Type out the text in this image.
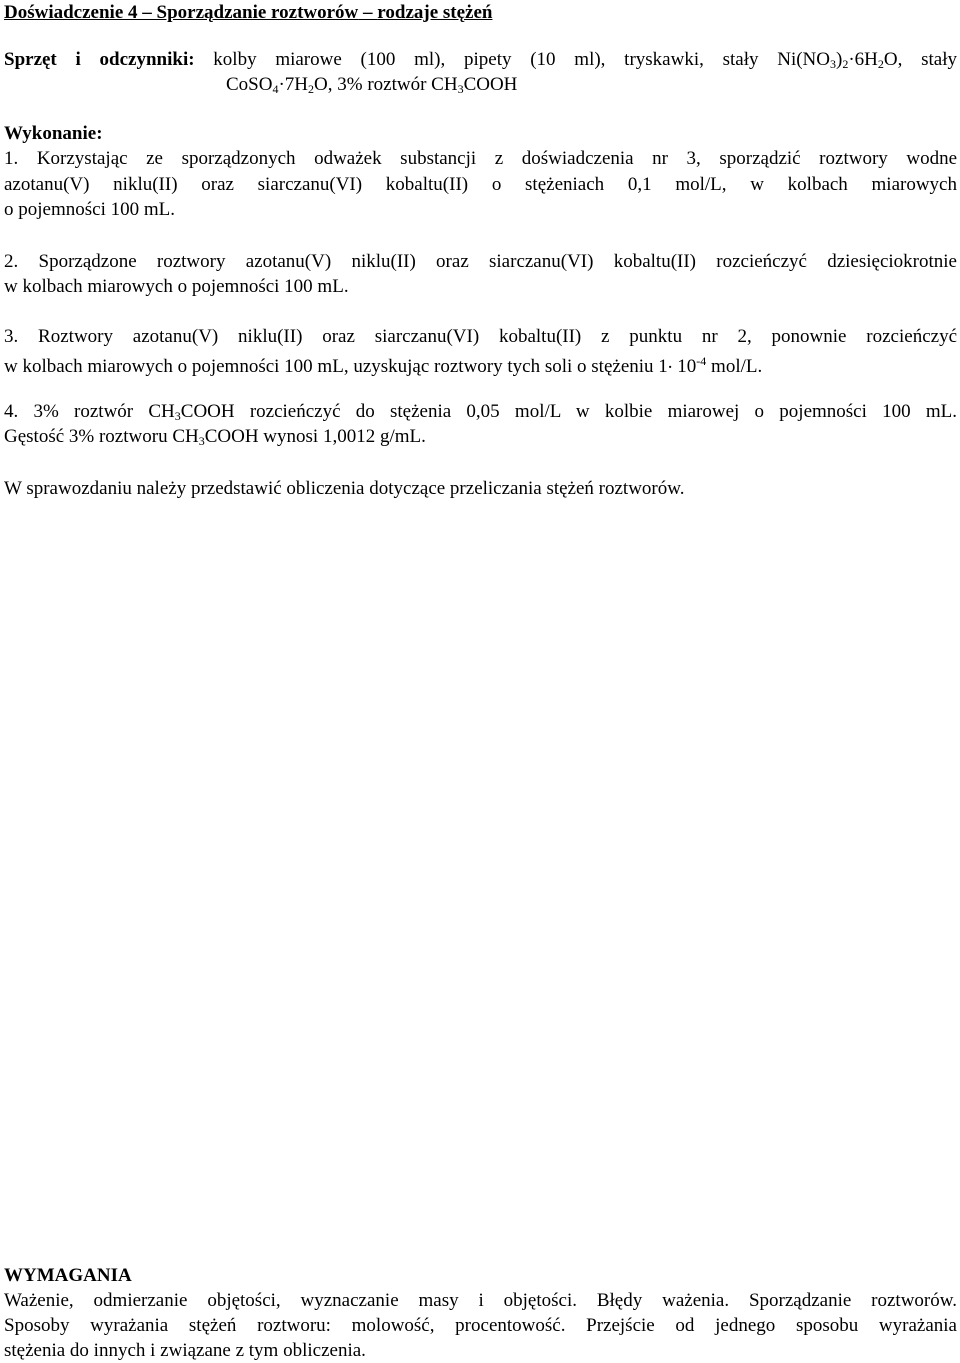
Doświadczenie 4 – Sporządzanie roztworów – rodzaje stężeń
Sprzęt i odczynniki: kolby miarowe (100 ml), pipety (10 ml), tryskawki, stały $Ni(NO_3)_2\cdot 6H_2O$, stały
$CoSO_4\cdot 7H_2O$, 3% roztwór $CH_3COOH$
Wykonanie:
1. Korzystając ze sporządzonych odważek substancji z doświadczenia nr 3, sporządzić roztwory wodne
azotanu(V) niklu(II) oraz siarczanu(VI) kobaltu(II) o stężeniach 0,1 mol/L, w kolbach miarowych
o pojemności 100 mL.
2. Sporządzone roztwory azotanu(V) niklu(II) oraz siarczanu(VI) kobaltu(II) rozcieńczyć dziesięciokrotnie
w kolbach miarowych o pojemności 100 mL.
3. Roztwory azotanu(V) niklu(II) oraz siarczanu(VI) kobaltu(II) z punktu nr 2, ponownie rozcieńczyć
w kolbach miarowych o pojemności 100 mL, uzyskując roztwory tych soli o stężeniu 1. $10^{-4}$ mol/L.
4. 3% roztwór $CH_3COOH$ rozcieńczyć do stężenia 0,05 mol/L w kolbie miarowej o pojemności 100 mL.
Gęstość 3% roztworu $CH_3COOH$ wynosi 1,0012 g/mL.
W sprawozdaniu należy przedstawić obliczenia dotyczące przeliczania stężeń roztworów.
WYMAGANIA
Ważenie, odmierzanie objętości, wyznaczanie masy i objętości. Błędy ważenia. Sporządzanie roztworów.
Sposoby wyrażania stężeń roztworu: molowość, procentowość. Przejście od jednego sposobu wyrażania
stężenia do innych i związane z tym obliczenia.
